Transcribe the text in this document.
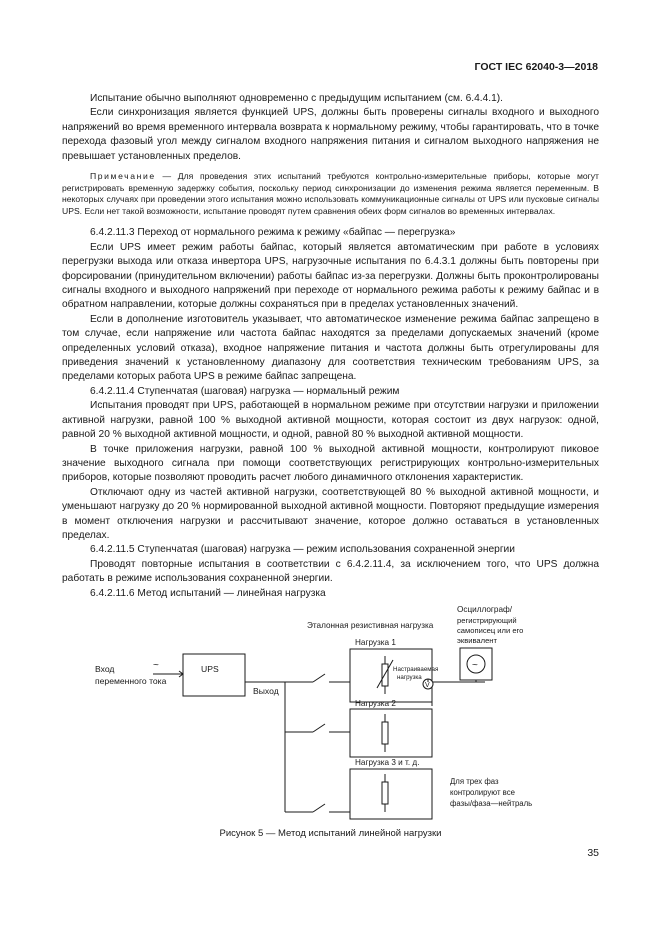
ГОСТ IEC 62040-3—2018

Испытание обычно выполняют одновременно с предыдущим испытанием (см. 6.4.4.1).

Если синхронизация является функцией UPS, должны быть проверены сигналы входного и выходного напряжений во время временного интервала возврата к нормальному режиму, чтобы гарантировать, что в точке перехода фазовый угол между сигналом входного напряжения питания и сигналом выходного напряжения не превышает установленных пределов.

Примечание — Для проведения этих испытаний требуются контрольно-измерительные приборы, которые могут регистрировать временную задержку события, поскольку период синхронизации до изменения режима является переменным. В некоторых случаях при проведении этого испытания можно использовать коммуникационные сигналы от UPS или пусковые сигналы UPS. Если нет такой возможности, испытание проводят путем сравнения обеих форм сигналов во временных интервалах.

6.4.2.11.3 Переход от нормального режима к режиму «байпас — перегрузка»

Если UPS имеет режим работы байпас, который является автоматическим при работе в условиях перегрузки выхода или отказа инвертора UPS, нагрузочные испытания по 6.4.3.1 должны быть повторены при форсировании (принудительном включении) работы байпас из-за перегрузки. Должны быть проконтролированы сигналы входного и выходного напряжений при переходе от нормального режима работы к режиму байпас и в обратном направлении, которые должны сохраняться при в пределах установленных значений.

Если в дополнение изготовитель указывает, что автоматическое изменение режима байпас запрещено в том случае, если напряжение или частота байпас находятся за пределами допускаемых значений (кроме определенных условий отказа), входное напряжение питания и частота должны быть отрегулированы для приведения значений к установленному диапазону для соответствия техническим требованиям UPS, за пределами которых работа UPS в режиме байпас запрещена.

6.4.2.11.4 Ступенчатая (шаговая) нагрузка — нормальный режим

Испытания проводят при UPS, работающей в нормальном режиме при отсутствии нагрузки и приложении активной нагрузки, равной 100 % выходной активной мощности, которая состоит из двух нагрузок: одной, равной 20 % выходной активной мощности, и одной, равной 80 % выходной активной мощности.

В точке приложения нагрузки, равной 100 % выходной активной мощности, контролируют пиковое значение выходного сигнала при помощи соответствующих регистрирующих контрольно-измерительных приборов, которые позволяют проводить расчет любого динамичного отклонения характеристик.

Отключают одну из частей активной нагрузки, соответствующей 80 % выходной активной мощности, и уменьшают нагрузку до 20 % нормированной выходной активной мощности. Повторяют предыдущие измерения в момент отключения нагрузки и рассчитывают значение, которое должно оставаться в установленных пределах.

6.4.2.11.5 Ступенчатая (шаговая) нагрузка — режим использования сохраненной энергии

Проводят повторные испытания в соответствии с 6.4.2.11.4, за исключением того, что UPS должна работать в режиме использования сохраненной энергии.

6.4.2.11.6 Метод испытаний — линейная нагрузка

Вход
переменного тока
~	UPS
Выход
Эталонная резистивная нагрузка
Нагрузка 1
Настраиваемая
нагрузка
V
Осциллограф/
регистрирующий
самописец или его
эквивалент
~
Нагрузка 2
Нагрузка 3 и т. д.
Для трех фаз
контролируют все
фазы/фаза—нейтраль
Рисунок 5 — Метод испытаний линейной нагрузки
35
